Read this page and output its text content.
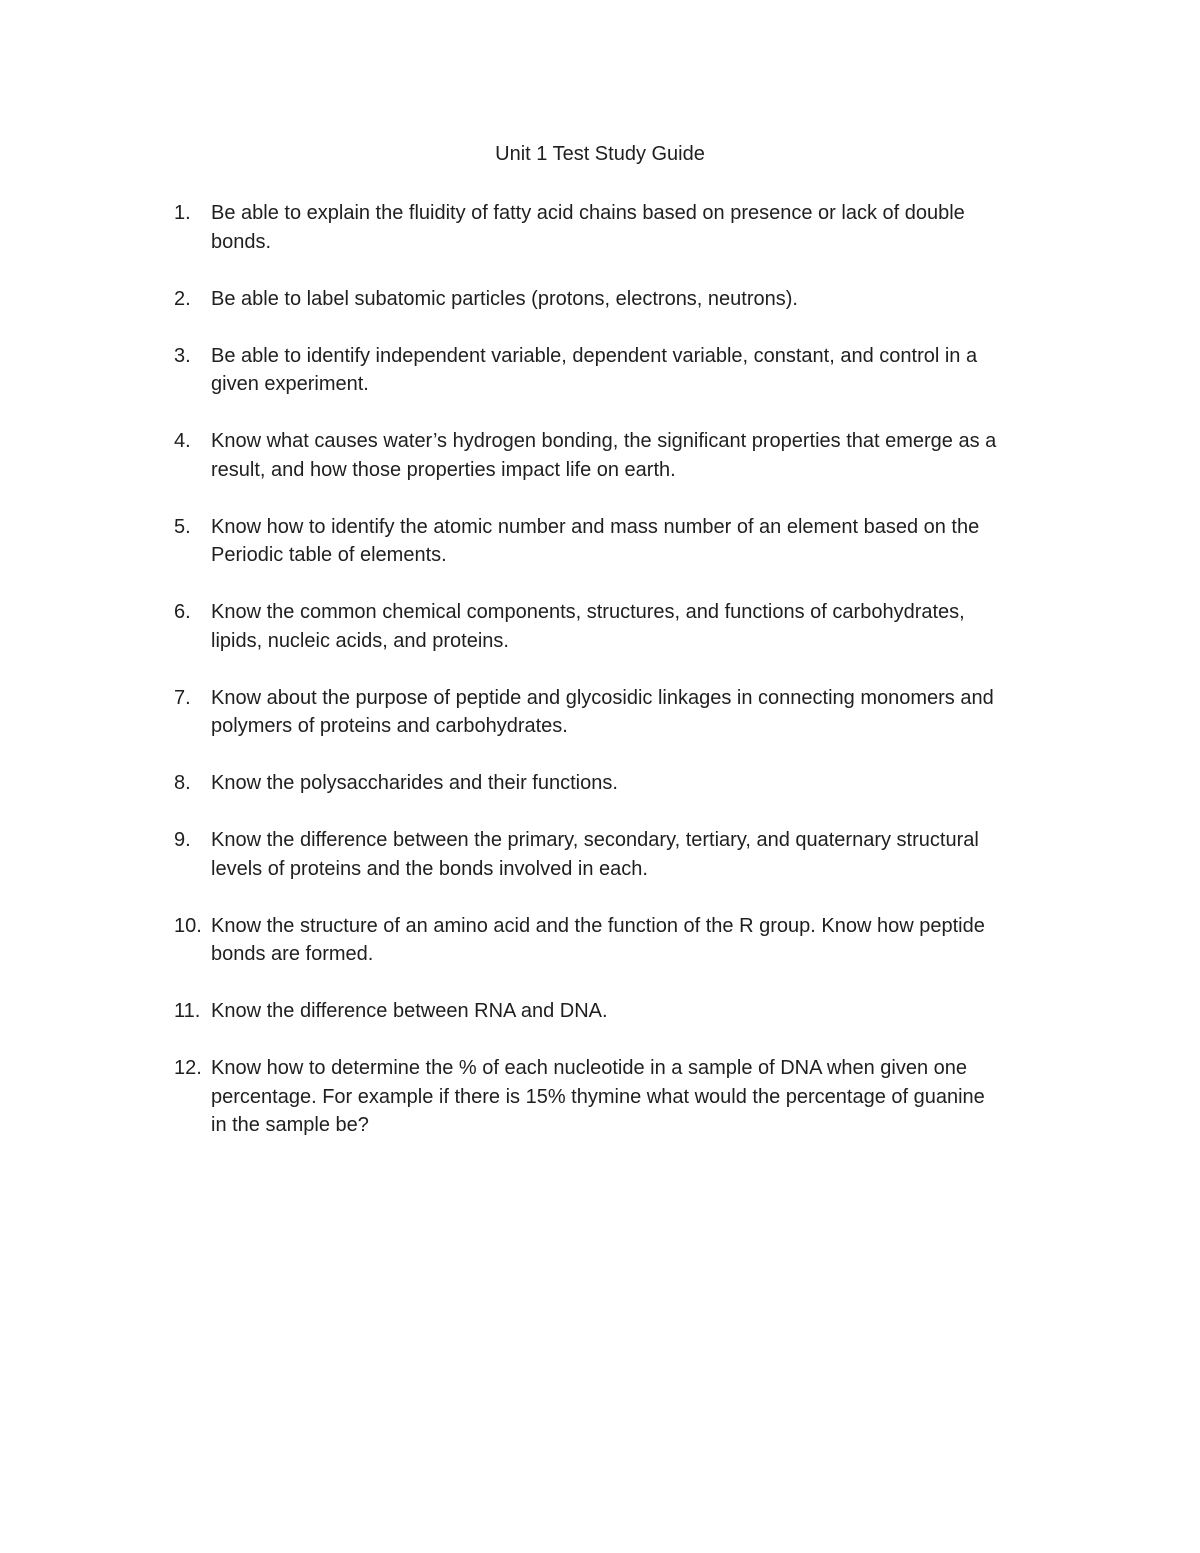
Unit 1 Test Study Guide
1.	Be able to explain the fluidity of fatty acid chains based on presence or lack of double
bonds.
2.	Be able to label subatomic particles (protons, electrons, neutrons).
3.	Be able to identify independent variable, dependent variable, constant, and control in a
given experiment.
4.	Know what causes water’s hydrogen bonding, the significant properties that emerge as a
result, and how those properties impact life on earth.
5.	Know how to identify the atomic number and mass number of an element based on the
Periodic table of elements.
6.	Know the common chemical components, structures, and functions of carbohydrates,
lipids, nucleic acids, and proteins.
7.	Know about the purpose of peptide and glycosidic linkages in connecting monomers and
polymers of proteins and carbohydrates.
8.	Know the polysaccharides and their functions.
9.	Know the difference between the primary, secondary, tertiary, and quaternary structural
levels of proteins and the bonds involved in each.
10. Know the structure of an amino acid and the function of the R group. Know how peptide
bonds are formed.
11. Know the difference between RNA and DNA.
12. Know how to determine the % of each nucleotide in a sample of DNA when given one
percentage. For example if there is 15% thymine what would the percentage of guanine
in the sample be?
